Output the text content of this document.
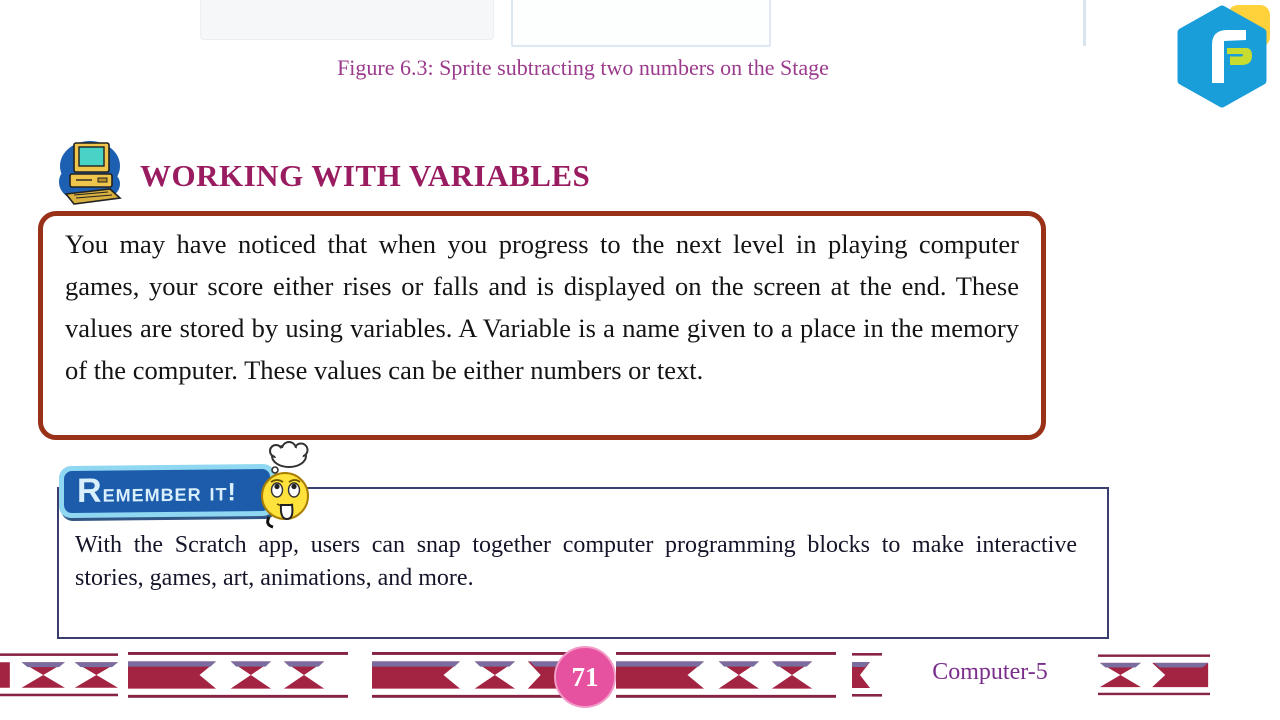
Figure 6.3: Sprite subtracting two numbers on the Stage
WORKING WITH VARIABLES

You may have noticed that when you progress to the next level in playing computer games, your score either rises or falls and is displayed on the screen at the end. These values are stored by using variables. A Variable is a name given to a place in the memory of the computer. These values can be either numbers or text.

With the Scratch app, users can snap together computer programming blocks to make interactive stories, games, art, animations, and more.

Remember it!
71	Computer-5
